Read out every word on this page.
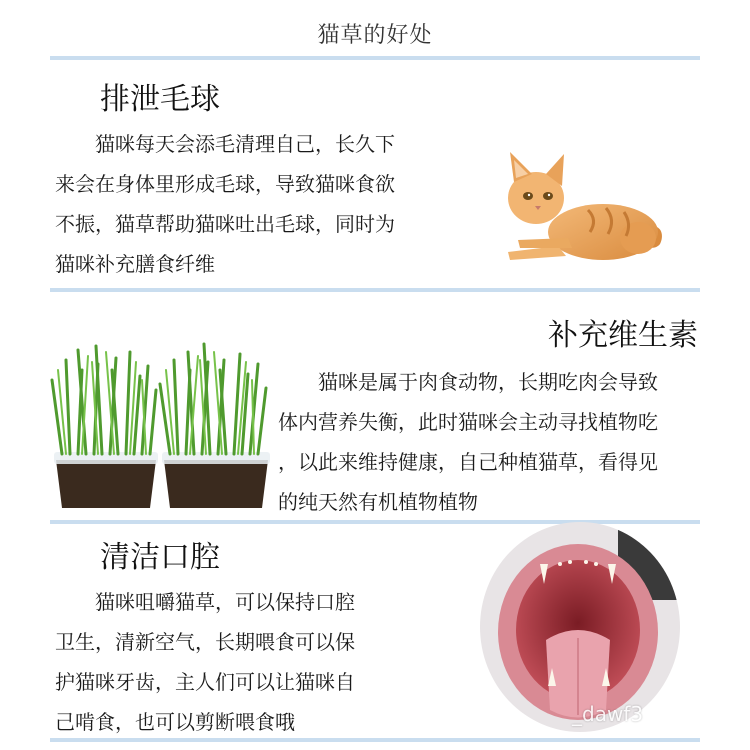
猫草的好处
排泄毛球

猫咪每天会添毛清理自己，长久下

来会在身体里形成毛球，导致猫咪食欲

不振，猫草帮助猫咪吐出毛球，同时为

猫咪补充膳食纤维

补充维生素

猫咪是属于肉食动物，长期吃肉会导致

体内营养失衡，此时猫咪会主动寻找植物吃

，以此来维持健康，自己种植猫草，看得见

的纯天然有机植物植物

清洁口腔

猫咪咀嚼猫草，可以保持口腔

卫生，清新空气，长期喂食可以保

护猫咪牙齿，主人们可以让猫咪自

己啃食，也可以剪断喂食哦	_dawf3
